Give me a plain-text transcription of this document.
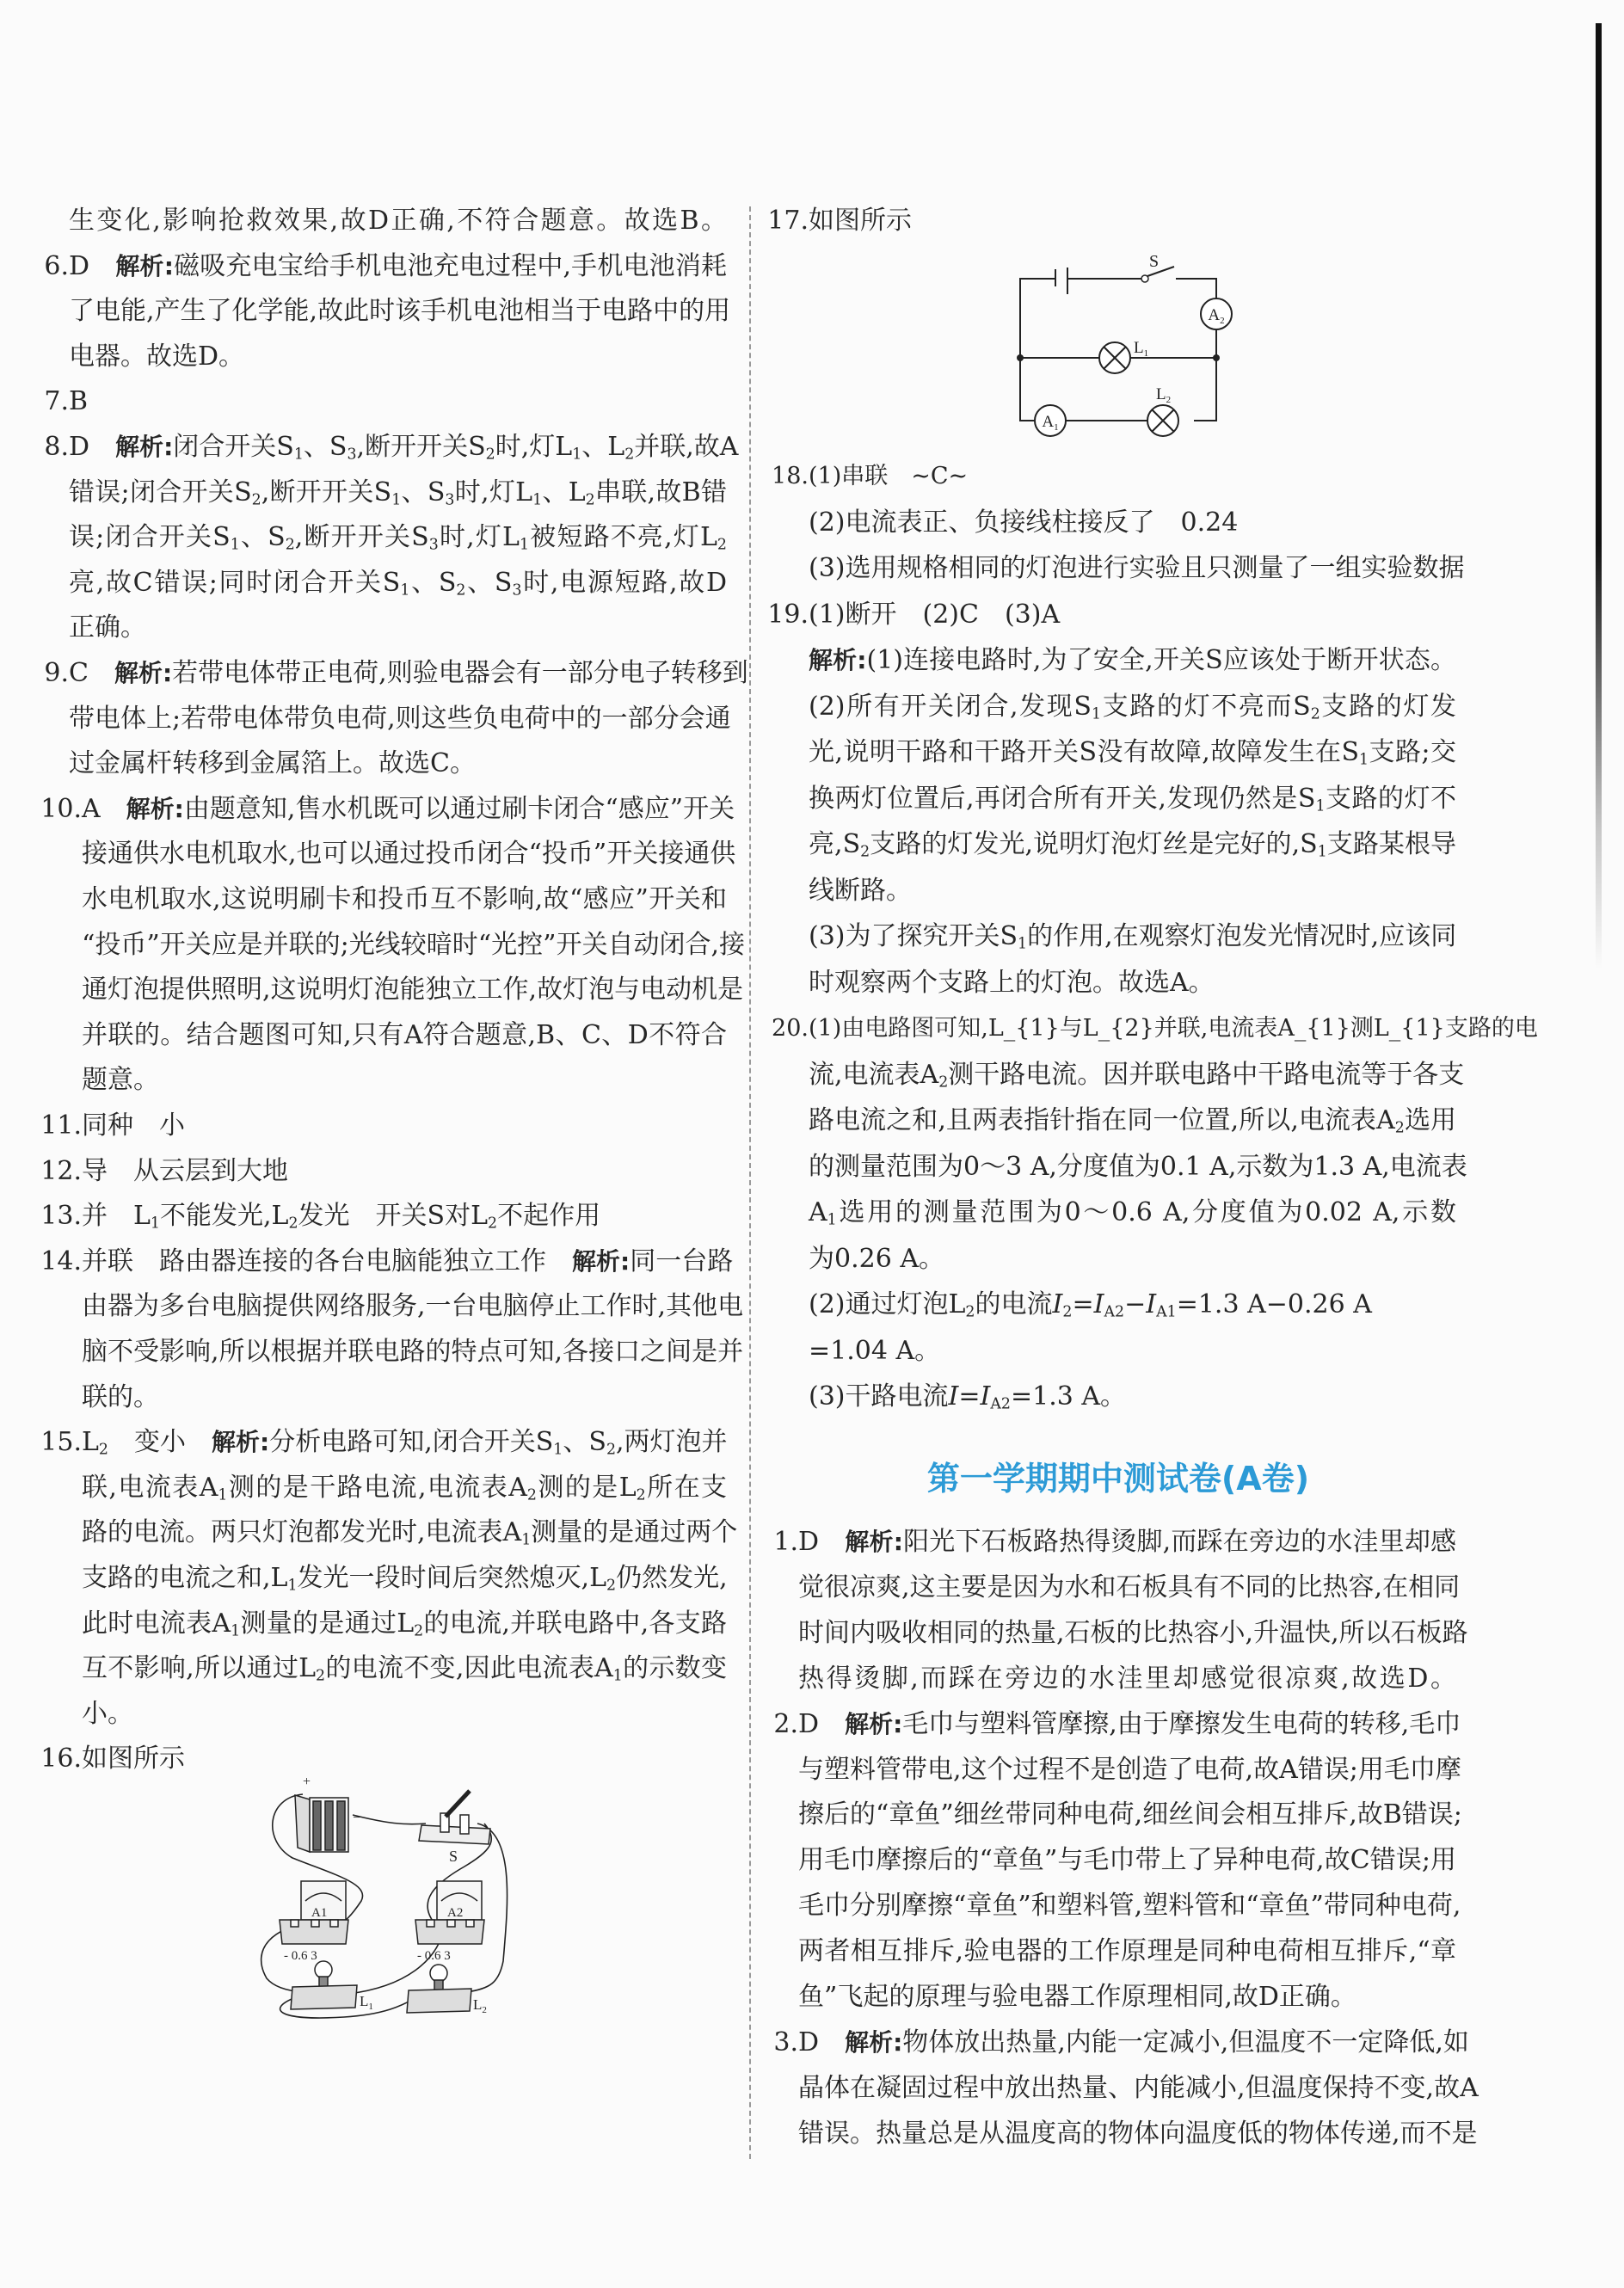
生变化,影响抢救效果,故D正确,不符合题意。故选B。
6. D　解析:磁吸充电宝给手机电池充电过程中,手机电池消耗
了电能,产生了化学能,故此时该手机电池相当于电路中的用
电器。故选D。
7. B
8. D　解析:闭合开关$S_1$、$S_3$,断开开关$S_2$时,灯$L_1$、$L_2$并联,故A
错误;闭合开关$S_2$,断开开关$S_1$、$S_3$时,灯$L_1$、$L_2$串联,故B错
误;闭合开关$S_1$、$S_2$,断开开关$S_3$时,灯$L_1$被短路不亮,灯$L_2$
亮,故C错误;同时闭合开关$S_1$、$S_2$、$S_3$时,电源短路,故D
正确。
9. C　解析:若带电体带正电荷,则验电器会有一部分电子转移到
带电体上;若带电体带负电荷,则这些负电荷中的一部分会通
过金属杆转移到金属箔上。故选C。
10. A　解析:由题意知,售水机既可以通过刷卡闭合“感应”开关
接通供水电机取水,也可以通过投币闭合“投币”开关接通供
水电机取水,这说明刷卡和投币互不影响,故“感应”开关和
“投币”开关应是并联的;光线较暗时“光控”开关自动闭合,接
通灯泡提供照明,这说明灯泡能独立工作,故灯泡与电动机是
并联的。结合题图可知,只有A符合题意,B、C、D不符合
题意。
11. 同种　小
12. 导　从云层到大地
13. 并　$L_1$不能发光$,L_2$发光　开关S对$L_2$不起作用
14. 并联　路由器连接的各台电脑能独立工作　解析:同一台路
由器为多台电脑提供网络服务,一台电脑停止工作时,其他电
脑不受影响,所以根据并联电路的特点可知,各接口之间是并
联的。
15. $L_2$　变小　解析:分析电路可知,闭合开关$S_1$、$S_2$,两灯泡并
联,电流表$A_1$测的是干路电流,电流表$A_2$测的是$L_2$所在支
路的电流。两只灯泡都发光时,电流表$A_1$测量的是通过两个
支路的电流之和$,L_1$发光一段时间后突然熄灭$,L_2$仍然发光,
此时电流表$A_1$测量的是通过$L_2$的电流,并联电路中,各支路
互不影响,所以通过$L_2$的电流不变,因此电流表$A_1$的示数变
小。
16. 如图所示
17. 如图所示
18. (1)串联　~C~
(2)电流表正、负接线柱接反了　0.24
(3)选用规格相同的灯泡进行实验且只测量了一组实验数据
19. (1)断开　(2)C　(3)A
解析:(1)连接电路时,为了安全,开关S应该处于断开状态。
(2)所有开关闭合,发现$S_1$支路的灯不亮而$S_2$支路的灯发
光,说明干路和干路开关S没有故障,故障发生在$S_1$支路;交
换两灯位置后,再闭合所有开关,发现仍然是$S_1$支路的灯不
亮$,S_2$支路的灯发光,说明灯泡灯丝是完好的$,S_1$支路某根导
线断路。
(3)为了探究开关$S_1$的作用,在观察灯泡发光情况时,应该同
时观察两个支路上的灯泡。故选A。
20. (1)由电路图可知,L_{1}与L_{2}并联,电流表A_{1}测L_{1}支路的电
流,电流表$A_2$测干路电流。因并联电路中干路电流等于各支
路电流之和,且两表指针指在同一位置,所以,电流表$A_2$选用
的测量范围为0～3 A,分度值为0.1 A,示数为1.3 A,电流表
$A_1$选用的测量范围为0～0.6 A,分度值为0.02 A,示数
为0.26 A。
(2)通过灯泡$L_2$的电流$I_2=I_{A2}-I_{A1}=1.3$ A−0.26 A
=1.04 A。
(3)干路电流$I=I_{A2}=1.3$ A。
1. D　解析:阳光下石板路热得烫脚,而踩在旁边的水洼里却感
觉很凉爽,这主要是因为水和石板具有不同的比热容,在相同
时间内吸收相同的热量,石板的比热容小,升温快,所以石板路
热得烫脚,而踩在旁边的水洼里却感觉很凉爽,故选D。
2. D　解析:毛巾与塑料管摩擦,由于摩擦发生电荷的转移,毛巾
与塑料管带电,这个过程不是创造了电荷,故A错误;用毛巾摩
擦后的“章鱼”细丝带同种电荷,细丝间会相互排斥,故B错误;
用毛巾摩擦后的“章鱼”与毛巾带上了异种电荷,故C错误;用
毛巾分别摩擦“章鱼”和塑料管,塑料管和“章鱼”带同种电荷,
两者相互排斥,验电器的工作原理是同种电荷相互排斥,“章
鱼”飞起的原理与验电器工作原理相同,故D正确。
3. D　解析:物体放出热量,内能一定减小,但温度不一定降低,如
晶体在凝固过程中放出热量、内能减小,但温度保持不变,故A
错误。热量总是从温度高的物体向温度低的物体传递,而不是
+
−
S
A1
- 0.6 3
A2
- 0.6 3
$L_1$	$L_2$
$A_2$
$A_1$
S
$L_1$
$L_2$
第一学期期中测试卷(A卷)
